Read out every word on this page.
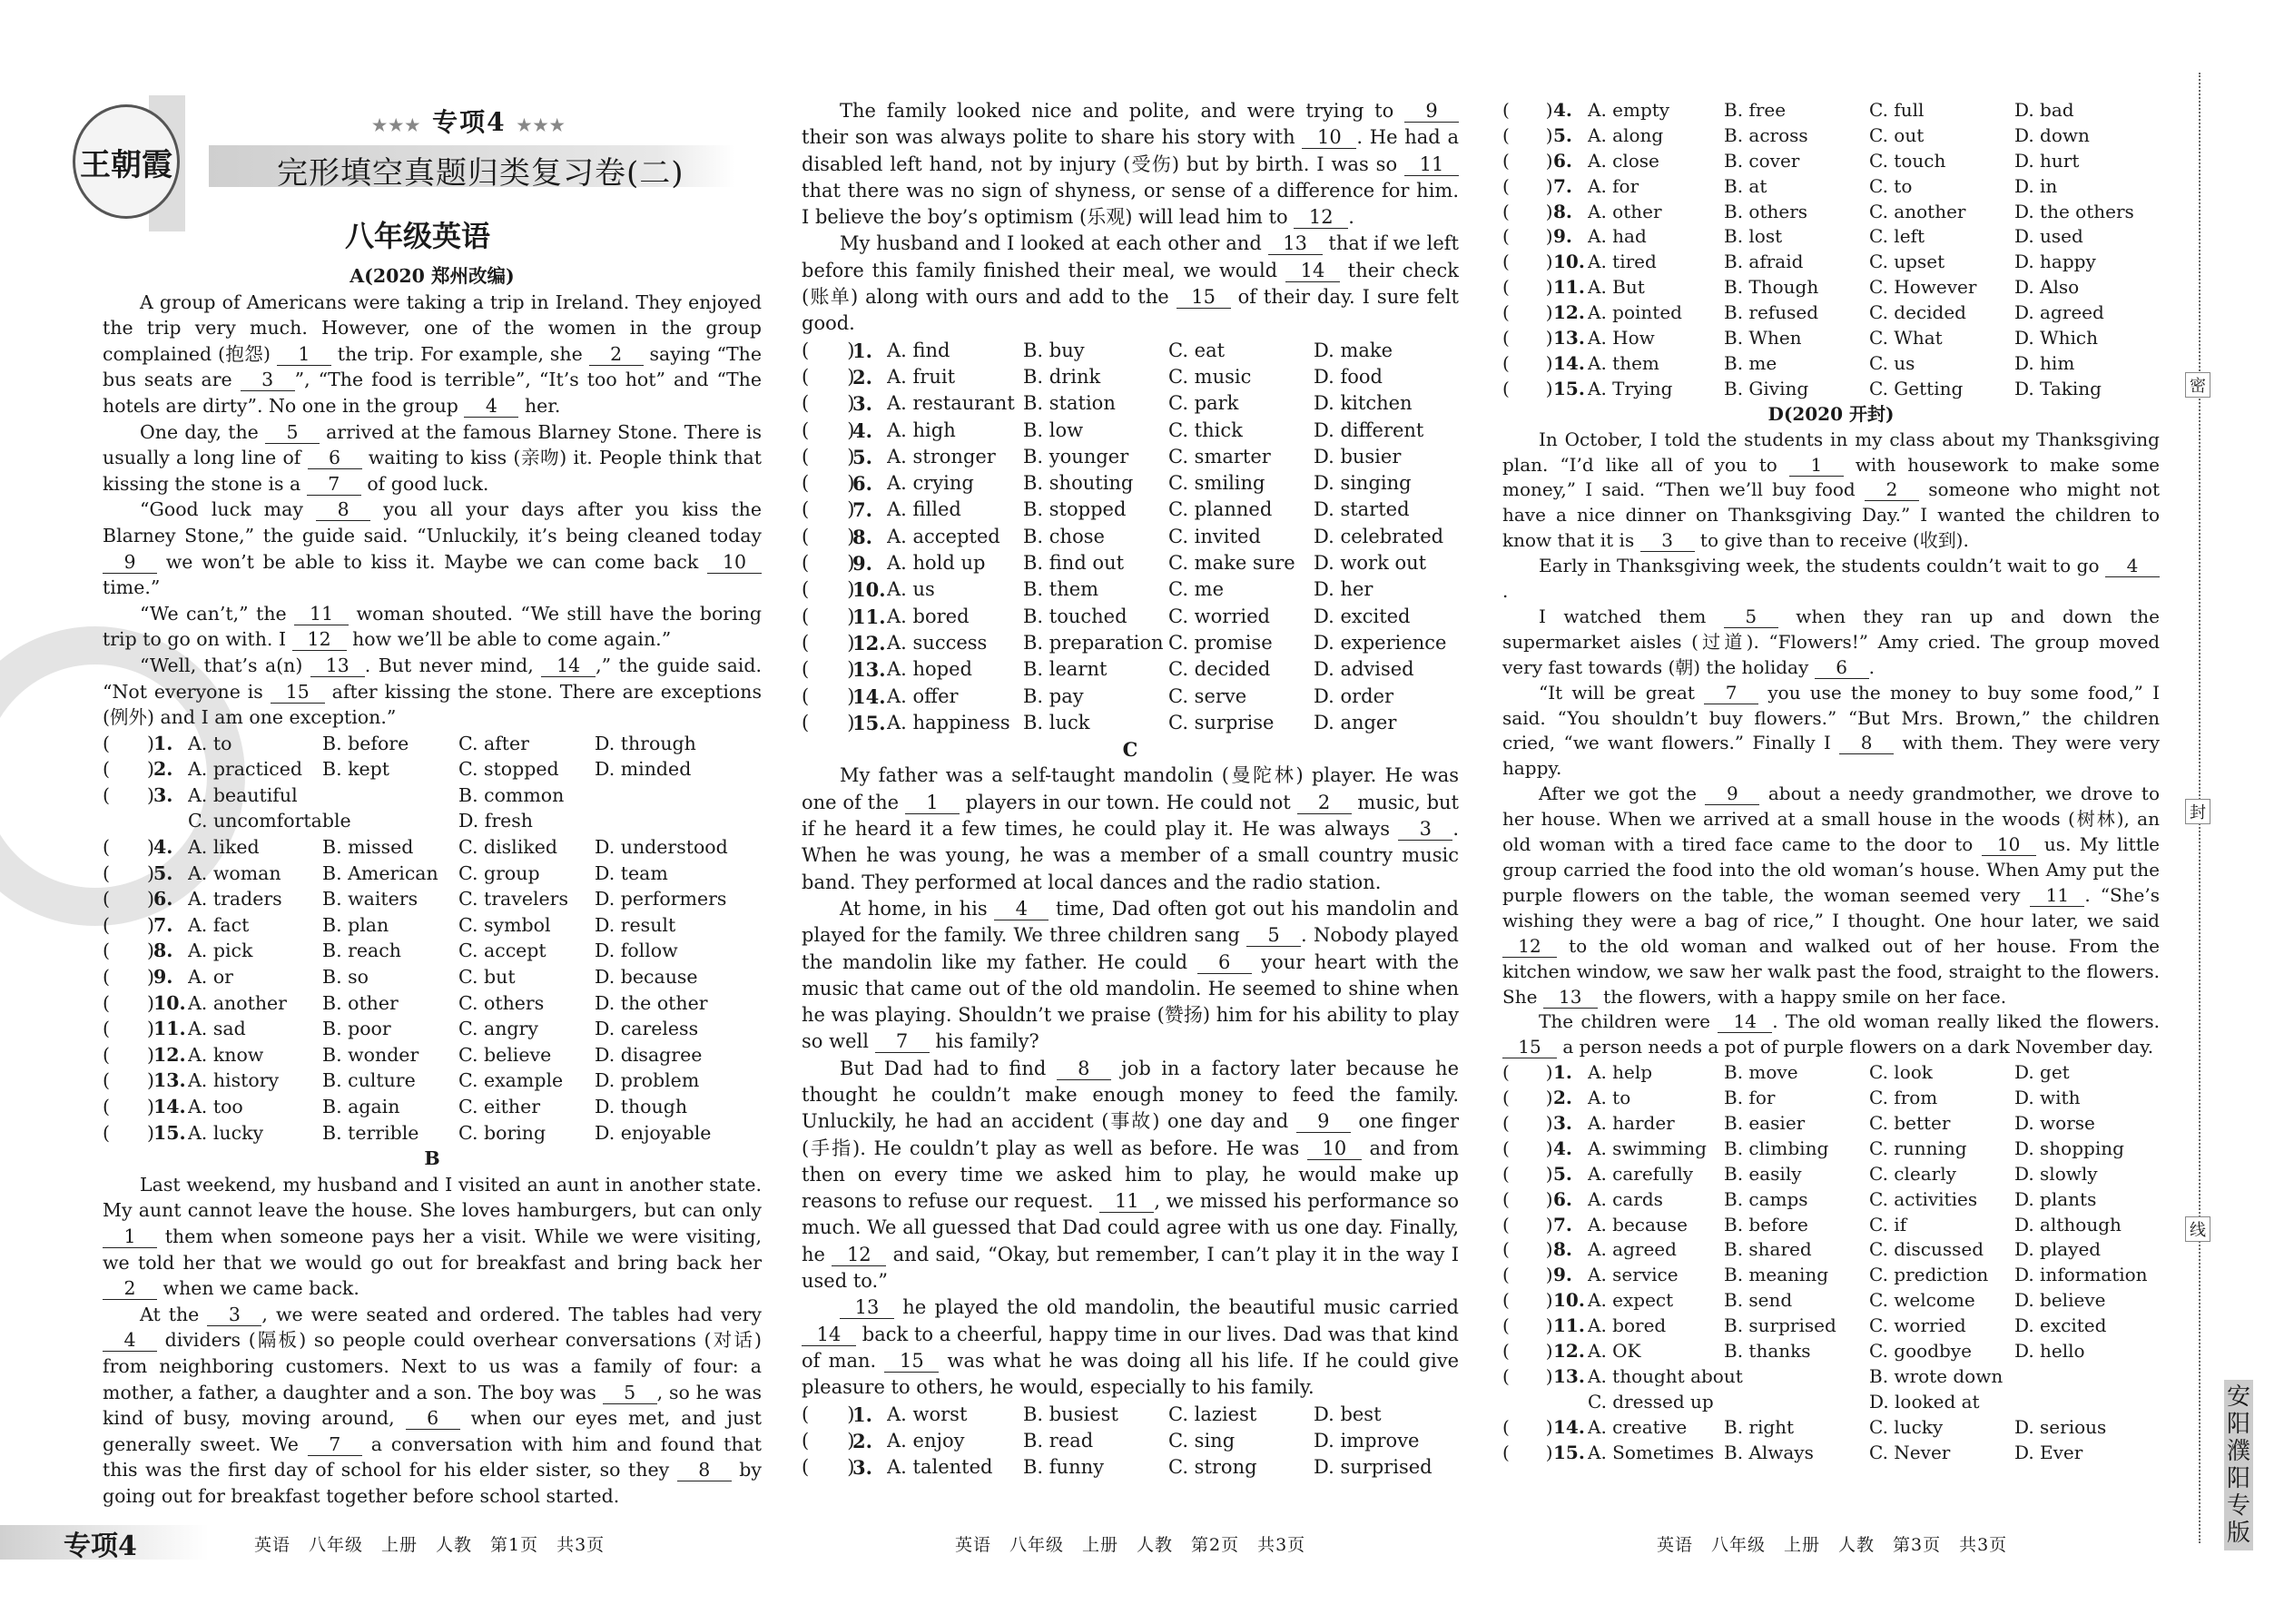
王朝霞
★★★ 专项4 ★★★
完形填空真题归类复习卷(二)
八年级英语

A(2020 郑州改编)

A group of Americans were taking a trip in Ireland. They enjoyed the trip very much. However, one of the women in the group complained (抱怨) 1 the trip. For example, she 2 saying “The bus seats are 3 ”, “The food is terrible”, “It’s too hot” and “The hotels are dirty”. No one in the group 4 her.

One day, the 5 arrived at the famous Blarney Stone. There is usually a long line of 6 waiting to kiss (亲吻) it. People think that kissing the stone is a 7 of good luck.

“Good luck may 8 you all your days after you kiss the Blarney Stone,” the guide said. “Unluckily, it’s being cleaned today 9 we won’t be able to kiss it. Maybe we can come back 10 time.”

“We can’t,” the 11 woman shouted. “We still have the boring trip to go on with. I 12 how we’ll be able to come again.”

“Well, that’s a(n) 13 . But never mind, 14 ,” the guide said. “Not everyone is 15 after kissing the stone. There are exceptions (例外) and I am one exception.”

(　　) 1. A. to	B. before	C. after	D. through
(　　) 2. A. practiced	B. kept	C. stopped	D. minded
(　　) 3. A. beautiful	B. common
C. uncomfortable	D. fresh
(　　) 4. A. liked	B. missed	C. disliked	D. understood
(　　) 5. A. woman	B. American	C. group	D. team
(　　) 6. A. traders	B. waiters	C. travelers	D. performers
(　　) 7. A. fact	B. plan	C. symbol	D. result
(　　) 8. A. pick	B. reach	C. accept	D. follow
(　　) 9. A. or	B. so	C. but	D. because
(　　) 10. A. another	B. other	C. others	D. the other
(　　) 11. A. sad	B. poor	C. angry	D. careless
(　　) 12. A. know	B. wonder	C. believe	D. disagree
(　　) 13. A. history	B. culture	C. example	D. problem
(　　) 14. A. too	B. again	C. either	D. though
(　　) 15. A. lucky	B. terrible	C. boring	D. enjoyable

B

Last weekend, my husband and I visited an aunt in another state. My aunt cannot leave the house. She loves hamburgers, but can only 1 them when someone pays her a visit. While we were visiting, we told her that we would go out for breakfast and bring back her 2 when we came back.

At the 3 , we were seated and ordered. The tables had very 4 dividers (隔板) so people could overhear conversations (对话) from neighboring customers. Next to us was a family of four: a mother, a father, a daughter and a son. The boy was 5 , so he was kind of busy, moving around, 6 when our eyes met, and just generally sweet. We 7 a conversation with him and found that this was the first day of school for his elder sister, so they 8 by going out for breakfast together before school started.

The family looked nice and polite, and were trying to 9 their son was always polite to share his story with 10 . He had a disabled left hand, not by injury (受伤) but by birth. I was so 11 that there was no sign of shyness, or sense of a difference for him. I believe the boy’s optimism (乐观) will lead him to 12 .

My husband and I looked at each other and 13 that if we left before this family finished their meal, we would 14 their check (账单) along with ours and add to the 15 of their day. I sure felt good.

(　　)
1. A. find	B. buy	C. eat	D. make
(　　)
2. A. fruit	B. drink	C. music	D. food
(　　)
3. A. restaurant B. station	C. park	D. kitchen
(　　)
4. A. high	B. low	C. thick	D. different
(　　)
5. A. stronger	B. younger	C. smarter	D. busier
(　　)
6. A. crying	B. shouting	C. smiling	D. singing
(　　)
7. A. filled	B. stopped	C. planned	D. started
(　　)
8. A. accepted	B. chose	C. invited	D. celebrated
(　　)
9. A. hold up	B. find out	C. make sure D. work out
(　　)
10. A. us	B. them	C. me	D. her
(　　)
11. A. bored	B. touched	C. worried	D. excited
(　　)
12. A. success	B. preparation C. promise	D. experience
(　　)
13. A. hoped	B. learnt	C. decided	D. advised
(　　)
14. A. offer	B. pay	C. serve	D. order
(　　)
15. A. happiness B. luck	C. surprise	D. anger

C

My father was a self-taught mandolin (曼陀林) player. He was one of the 1 players in our town. He could not 2 music, but if he heard it a few times, he could play it. He was always 3 . When he was young, he was a member of a small country music band. They performed at local dances and the radio station.

At home, in his 4 time, Dad often got out his mandolin and played for the family. We three children sang 5 . Nobody played the mandolin like my father. He could 6 your heart with the music that came out of the old mandolin. He seemed to shine when he was playing. Shouldn’t we praise (赞扬) him for his ability to play so well 7 his family?

But Dad had to find 8 job in a factory later because he thought he couldn’t make enough money to feed the family. Unluckily, he had an accident (事故) one day and 9 one finger (手指). He couldn’t play as well as before. He was 10 and from then on every time we asked him to play, he would make up reasons to refuse our request. 11 , we missed his performance so much. We all guessed that Dad could agree with us one day. Finally, he 12 and said, “Okay, but remember, I can’t play it in the way I used to.”

13 he played the old mandolin, the beautiful music carried 14 back to a cheerful, happy time in our lives. Dad was that kind of man. 15 was what he was doing all his life. If he could give pleasure to others, he would, especially to his family.

(　　)
1. A. worst	B. busiest	C. laziest	D. best
(　　)
2. A. enjoy	B. read	C. sing	D. improve
(　　)
3. A. talented	B. funny	C. strong	D. surprised
(　　) 4. A. empty	B. free	C. full	D. bad
(　　) 5. A. along	B. across	C. out	D. down
(　　) 6. A. close	B. cover	C. touch	D. hurt
(　　) 7. A. for	B. at	C. to	D. in
(　　) 8. A. other	B. others	C. another	D. the others
(　　) 9. A. had	B. lost	C. left	D. used
(　　) 10. A. tired	B. afraid	C. upset	D. happy
(　　) 11. A. But	B. Though	C. However	D. Also
(　　) 12. A. pointed	B. refused	C. decided	D. agreed
(　　) 13. A. How	B. When	C. What	D. Which
(　　) 14. A. them	B. me	C. us	D. him
(　　) 15. A. Trying	B. Giving	C. Getting	D. Taking

D(2020 开封)

In October, I told the students in my class about my Thanksgiving plan. “I’d like all of you to 1 with housework to make some money,” I said. “Then we’ll buy food 2 someone who might not have a nice dinner on Thanksgiving Day.” I wanted the children to know that it is 3 to give than to receive (收到).

Early in Thanksgiving week, the students couldn’t wait to go 4.

I watched them 5 when they ran up and down the supermarket aisles (过道). “Flowers!” Amy cried. The group moved very fast towards (朝) the holiday 6 .

“It will be great 7 you use the money to buy some food,” I said. “You shouldn’t buy flowers.” “But Mrs. Brown,” the children cried, “we want flowers.” Finally I 8 with them. They were very happy.

After we got the 9 about a needy grandmother, we drove to her house. When we arrived at a small house in the woods (树林), an old woman with a tired face came to the door to 10 us. My little group carried the food into the old woman’s house. When Amy put the purple flowers on the table, the woman seemed very 11 . “She’s wishing they were a bag of rice,” I thought. One hour later, we said 12 to the old woman and walked out of her house. From the kitchen window, we saw her walk past the food, straight to the flowers. She 13 the flowers, with a happy smile on her face.

The children were 14 . The old woman really liked the flowers. 15 a person needs a pot of purple flowers on a dark November day.

(　　) 1. A. help	B. move	C. look	D. get
(　　) 2. A. to	B. for	C. from	D. with
(　　) 3. A. harder	B. easier	C. better	D. worse
(　　) 4. A. swimming B. climbing	C. running	D. shopping
(　　) 5. A. carefully	B. easily	C. clearly	D. slowly
(　　) 6. A. cards	B. camps	C. activities	D. plants
(　　) 7. A. because	B. before	C. if	D. although
(　　) 8. A. agreed	B. shared	C. discussed	D. played
(　　) 9. A. service	B. meaning	C. prediction	D. information
(　　) 10. A. expect	B. send	C. welcome	D. believe
(　　) 11. A. bored	B. surprised	C. worried	D. excited
(　　) 12. A. OK	B. thanks	C. goodbye	D. hello
(　　) 13. A. thought about	B. wrote down
C. dressed up	D. looked at
(　　) 14. A. creative	B. right	C. lucky	D. serious
(　　) 15. A. Sometimes B. Always	C. Never	D. Ever
专项4	英语　八年级　上册　人教　第1页　共3页	英语　八年级　上册　人教　第2页　共3页	英语　八年级　上册　人教　第3页　共3页
密
封
线
安阳濮阳专版
